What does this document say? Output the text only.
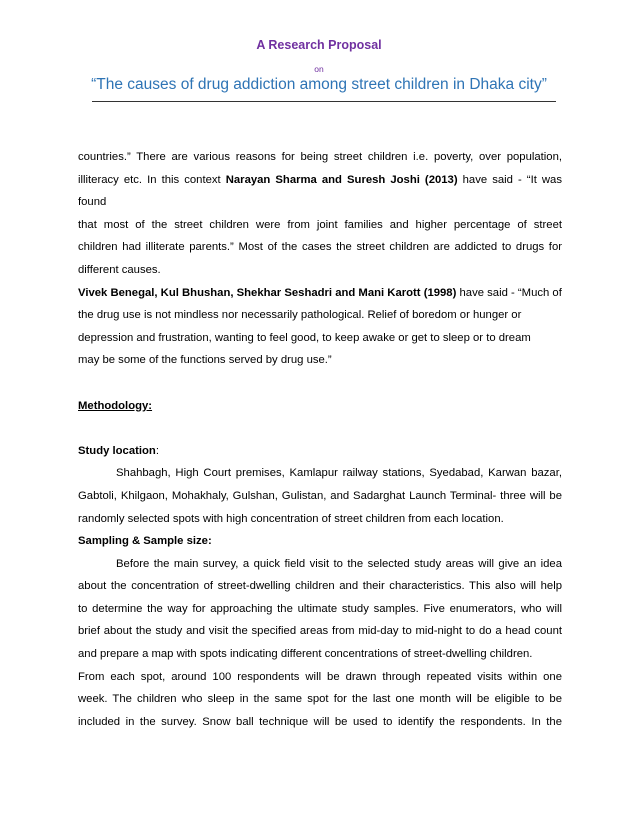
A Research Proposal
on
“The causes of drug addiction among street children in Dhaka city”

countries.” There are various reasons for being street children i.e. poverty, over population,

illiteracy etc. In this context Narayan Sharma and Suresh Joshi (2013) have said - “It was found

that most of the street children were from joint families and higher percentage of street

children had illiterate parents.” Most of the cases the street children are addicted to drugs for

different causes.

Vivek Benegal, Kul Bhushan, Shekhar Seshadri and Mani Karott (1998) have said - “Much of

the drug use is not mindless nor necessarily pathological. Relief of boredom or hunger or

depression and frustration, wanting to feel good, to keep awake or get to sleep or to dream

may be some of the functions served by drug use.”

Methodology:

Study location:

Shahbagh, High Court premises, Kamlapur railway stations, Syedabad, Karwan bazar,

Gabtoli, Khilgaon, Mohakhaly, Gulshan, Gulistan, and Sadarghat Launch Terminal- three will be

randomly selected spots with high concentration of street children from each location.

Sampling & Sample size:

Before the main survey, a quick field visit to the selected study areas will give an idea

about the concentration of street-dwelling children and their characteristics. This also will help

to determine the way for approaching the ultimate study samples. Five enumerators, who will

brief about the study and visit the specified areas from mid-day to mid-night to do a head count

and prepare a map with spots indicating different concentrations of street-dwelling children.

From each spot, around 100 respondents will be drawn through repeated visits within one

week. The children who sleep in the same spot for the last one month will be eligible to be

included in the survey. Snow ball technique will be used to identify the respondents. In the
